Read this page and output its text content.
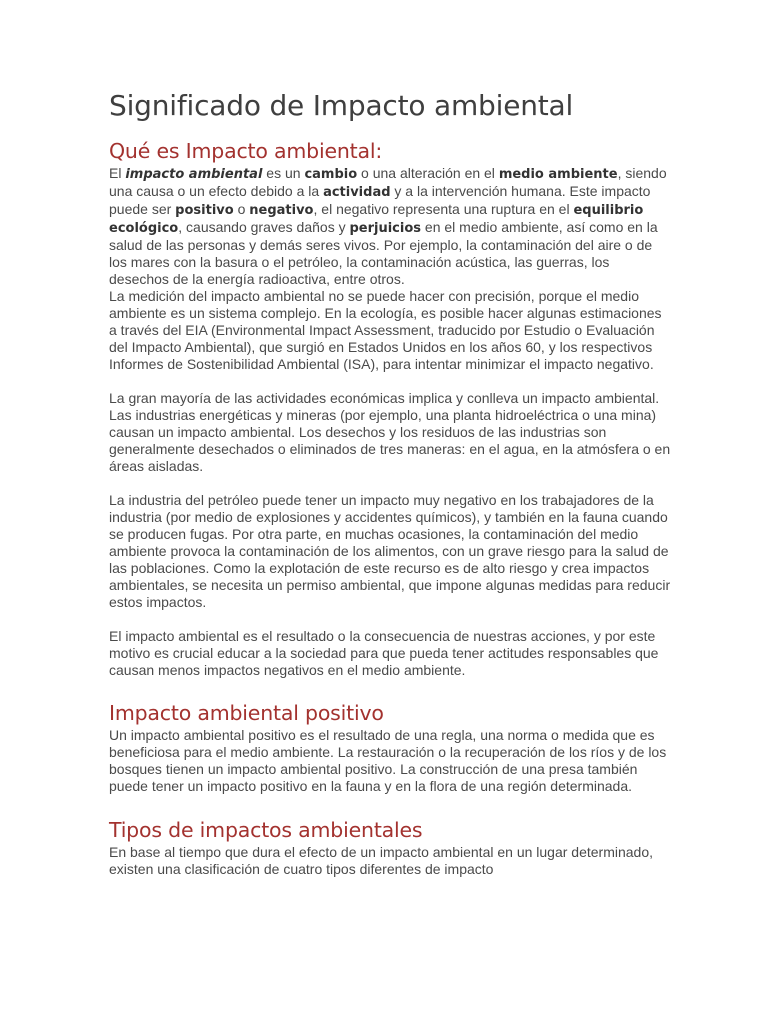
Significado de Impacto ambiental
Qué es Impacto ambiental:

El impacto ambiental es un cambio o una alteración en el medio ambiente, siendo una causa o un efecto debido a la actividad y a la intervención humana. Este impacto puede ser positivo o negativo, el negativo representa una ruptura en el equilibrio ecológico, causando graves daños y perjuicios en el medio ambiente, así como en la salud de las personas y demás seres vivos. Por ejemplo, la contaminación del aire o de los mares con la basura o el petróleo, la contaminación acústica, las guerras, los desechos de la energía radioactiva, entre otros.

La medición del impacto ambiental no se puede hacer con precisión, porque el medio ambiente es un sistema complejo. En la ecología, es posible hacer algunas estimaciones a través del EIA (Environmental Impact Assessment, traducido por Estudio o Evaluación del Impacto Ambiental), que surgió en Estados Unidos en los años 60, y los respectivos Informes de Sostenibilidad Ambiental (ISA), para intentar minimizar el impacto negativo.

La gran mayoría de las actividades económicas implica y conlleva un impacto ambiental. Las industrias energéticas y mineras (por ejemplo, una planta hidroeléctrica o una mina) causan un impacto ambiental. Los desechos y los residuos de las industrias son generalmente desechados o eliminados de tres maneras: en el agua, en la atmósfera o en áreas aisladas.

La industria del petróleo puede tener un impacto muy negativo en los trabajadores de la industria (por medio de explosiones y accidentes químicos), y también en la fauna cuando se producen fugas. Por otra parte, en muchas ocasiones, la contaminación del medio ambiente provoca la contaminación de los alimentos, con un grave riesgo para la salud de las poblaciones. Como la explotación de este recurso es de alto riesgo y crea impactos ambientales, se necesita un permiso ambiental, que impone algunas medidas para reducir estos impactos.

El impacto ambiental es el resultado o la consecuencia de nuestras acciones, y por este motivo es crucial educar a la sociedad para que pueda tener actitudes responsables que causan menos impactos negativos en el medio ambiente.

Impacto ambiental positivo

Un impacto ambiental positivo es el resultado de una regla, una norma o medida que es beneficiosa para el medio ambiente. La restauración o la recuperación de los ríos y de los bosques tienen un impacto ambiental positivo. La construcción de una presa también puede tener un impacto positivo en la fauna y en la flora de una región determinada.

Tipos de impactos ambientales

En base al tiempo que dura el efecto de un impacto ambiental en un lugar determinado, existen una clasificación de cuatro tipos diferentes de impacto
